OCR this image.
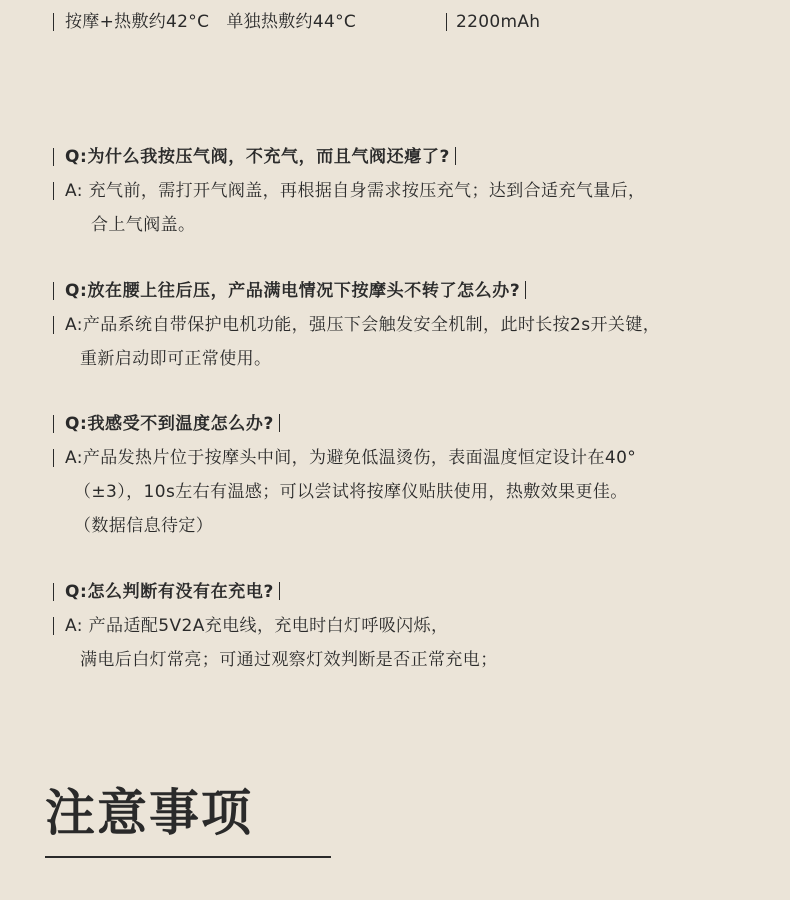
按摩+热敷约42°C   单独热敷约44°C	2200mAh
Q:为什么我按压气阀，不充气，而且气阀还瘪了?
A: 充气前，需打开气阀盖，再根据自身需求按压充气；达到合适充气量后，
合上气阀盖。
Q:放在腰上往后压，产品满电情况下按摩头不转了怎么办?
A:产品系统自带保护电机功能，强压下会触发安全机制，此时长按2s开关键，
重新启动即可正常使用。
Q:我感受不到温度怎么办?
A:产品发热片位于按摩头中间，为避免低温烫伤，表面温度恒定设计在40°
（±3），10s左右有温感；可以尝试将按摩仪贴肤使用，热敷效果更佳。
（数据信息待定）
Q:怎么判断有没有在充电?
A: 产品适配5V2A充电线，充电时白灯呼吸闪烁，
满电后白灯常亮；可通过观察灯效判断是否正常充电；
注意事项
